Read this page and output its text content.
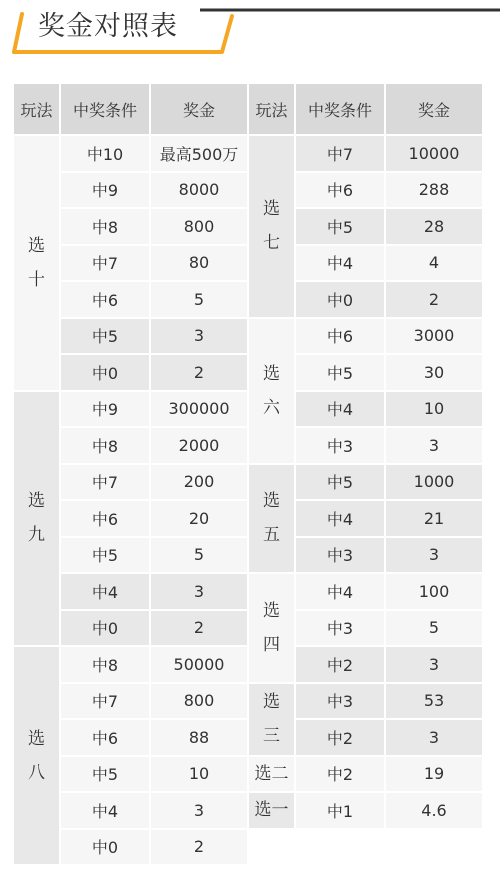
奖金对照表
玩法	中奖条件	奖金	玩法	中奖条件	奖金

选十	中10	最高500万	选七	中7	10000
	中9	8000		中6	288
	中8	800		中5	28
	中7	80		中4	4
	中6	5		中0	2
	中5	3	选六	中6	3000
	中0	2		中5	30

选九	中9	300000		中4	10
	中8	2000		中3	3
	中7	200	选五	中5	1000
	中6	20		中4	21
	中5	5		中3	3
	中4	3	选四	中4	100
	中0	2		中3	5

选八	中8	50000		中2	3
	中7	800	选三	中3	53
	中6	88		中2	3
	中5	10	选二	中2	19
	中4	3	选一	中1	4.6
	中0	2			
